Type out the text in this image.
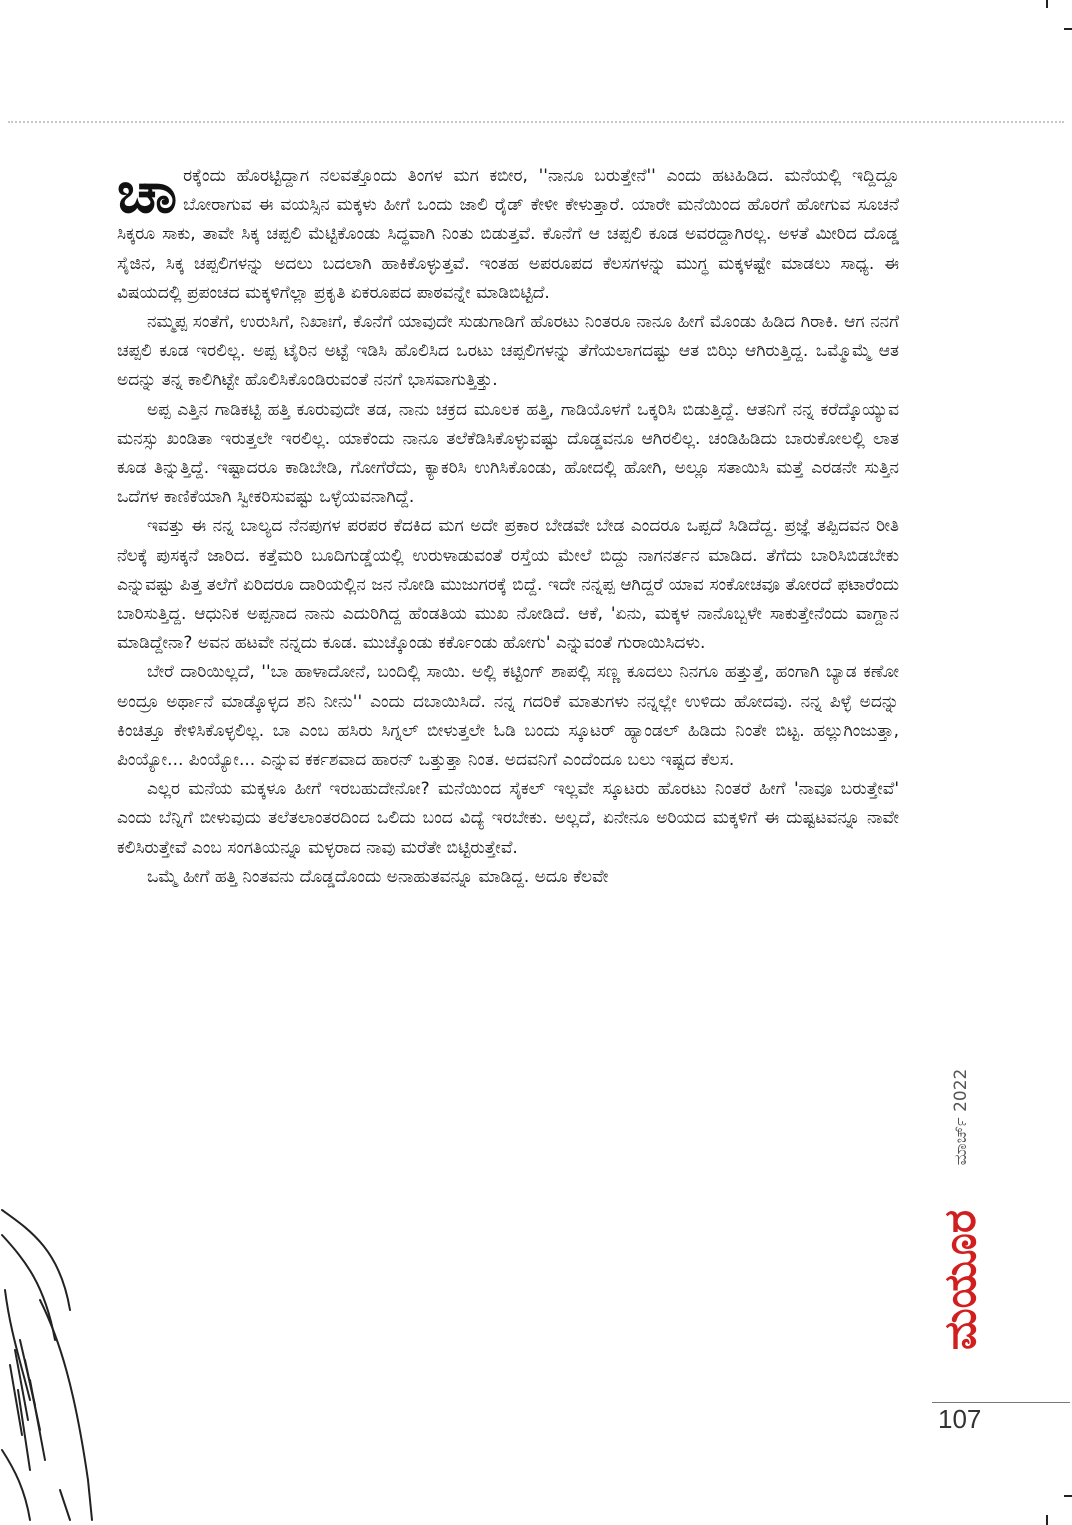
ಚಾರಕ್ಕೆಂದು ಹೊರಟ್ಟಿದ್ದಾಗ ನಲವತ್ತೊಂದು ತಿಂಗಳ ಮಗ ಕಬೀರ, ''ನಾನೂ ಬರುತ್ತೇನೆ'' ಎಂದು ಹಟಹಿಡಿದ. ಮನೆಯಲ್ಲಿ ಇದ್ದಿದ್ದೂ ಬೋರಾಗುವ ಈ ವಯಸ್ಸಿನ ಮಕ್ಕಳು ಹೀಗೆ ಒಂದು ಜಾಲಿ ರೈಡ್ ಕೇಳೀ ಕೇಳುತ್ತಾರೆ. ಯಾರೇ ಮನೆಯಿಂದ ಹೊರಗೆ ಹೋಗುವ ಸೂಚನೆ ಸಿಕ್ಕರೂ ಸಾಕು, ತಾವೇ ಸಿಕ್ಕ ಚಪ್ಪಲಿ ಮೆಟ್ಟಿಕೊಂಡು ಸಿದ್ಧವಾಗಿ ನಿಂತು ಬಿಡುತ್ತವೆ. ಕೊನೆಗೆ ಆ ಚಪ್ಪಲಿ ಕೂಡ ಅವರದ್ದಾಗಿರಲ್ಲ. ಅಳತೆ ಮೀರಿದ ದೊಡ್ಡ ಸೈಜಿನ, ಸಿಕ್ಕ ಚಪ್ಪಲಿಗಳನ್ನು ಅದಲು ಬದಲಾಗಿ ಹಾಕಿಕೊಳ್ಳುತ್ತವೆ. ಇಂತಹ ಅಪರೂಪದ ಕೆಲಸಗಳನ್ನು ಮುಗ್ಧ ಮಕ್ಕಳಷ್ಟೇ ಮಾಡಲು ಸಾಧ್ಯ. ಈ ವಿಷಯದಲ್ಲಿ ಪ್ರಪಂಚದ ಮಕ್ಕಳಿಗೆಲ್ಲಾ ಪ್ರಕೃತಿ ಏಕರೂಪದ ಪಾಠವನ್ನೇ ಮಾಡಿಬಿಟ್ಟಿದೆ.

ನಮ್ಮಪ್ಪ ಸಂತೆಗೆ, ಉರುಸಿಗೆ, ನಿಖಾಃಗೆ, ಕೊನೆಗೆ ಯಾವುದೇ ಸುಡುಗಾಡಿಗೆ ಹೊರಟು ನಿಂತರೂ ನಾನೂ ಹೀಗೆ ಮೊಂಡು ಹಿಡಿದ ಗಿರಾಕಿ. ಆಗ ನನಗೆ ಚಪ್ಪಲಿ ಕೂಡ ಇರಲಿಲ್ಲ. ಅಪ್ಪ ಟೈರಿನ ಅಟ್ಟೆ ಇಡಿಸಿ ಹೊಲಿಸಿದ ಒರಟು ಚಪ್ಪಲಿಗಳನ್ನು ತೆಗೆಯಲಾಗದಷ್ಟು ಆತ ಬಿಝಿ ಆಗಿರುತ್ತಿದ್ದ. ಒಮ್ಮೊಮ್ಮೆ ಆತ ಅದನ್ನು ತನ್ನ ಕಾಲಿಗಿಟ್ಟೇ ಹೊಲಿಸಿಕೊಂಡಿರುವಂತೆ ನನಗೆ ಭಾಸವಾಗುತ್ತಿತ್ತು.

ಅಪ್ಪ ಎತ್ತಿನ ಗಾಡಿಕಟ್ಟಿ ಹತ್ತಿ ಕೂರುವುದೇ ತಡ, ನಾನು ಚಕ್ರದ ಮೂಲಕ ಹತ್ತಿ, ಗಾಡಿಯೊಳಗೆ ಒಕ್ಕರಿಸಿ ಬಿಡುತ್ತಿದ್ದೆ. ಆತನಿಗೆ ನನ್ನ ಕರೆದ್ಕೊಯ್ಯುವ ಮನಸ್ಸು ಖಂಡಿತಾ ಇರುತ್ತಲೇ ಇರಲಿಲ್ಲ. ಯಾಕೆಂದು ನಾನೂ ತಲೆಕೆಡಿಸಿಕೊಳ್ಳುವಷ್ಟು ದೊಡ್ಡವನೂ ಆಗಿರಲಿಲ್ಲ. ಚಂಡಿಹಿಡಿದು ಬಾರುಕೋಲಲ್ಲಿ ಲಾತ ಕೂಡ ತಿನ್ನುತ್ತಿದ್ದೆ. ಇಷ್ಟಾದರೂ ಕಾಡಿಬೇಡಿ, ಗೋಗೆರೆದು, ಕ್ಯಾಕರಿಸಿ ಉಗಿಸಿಕೊಂಡು, ಹೋದಲ್ಲಿ ಹೋಗಿ, ಅಲ್ಲೂ ಸತಾಯಿಸಿ ಮತ್ತೆ ಎರಡನೇ ಸುತ್ತಿನ ಒದೆಗಳ ಕಾಣಿಕೆಯಾಗಿ ಸ್ವೀಕರಿಸುವಷ್ಟು ಒಳ್ಳೆಯವನಾಗಿದ್ದೆ.

ಇವತ್ತು ಈ ನನ್ನ ಬಾಲ್ಯದ ನೆನಪುಗಳ ಪರಪರ ಕೆದಕಿದ ಮಗ ಅದೇ ಪ್ರಕಾರ ಬೇಡವೇ ಬೇಡ ಎಂದರೂ ಒಪ್ಪದೆ ಸಿಡಿದೆದ್ದ. ಪ್ರಜ್ಞೆ ತಪ್ಪಿದವನ ರೀತಿ ನೆಲಕ್ಕೆ ಪುಸಕ್ಕನೆ ಜಾರಿದ. ಕತ್ತೆಮರಿ ಬೂದಿಗುಡ್ಡೆಯಲ್ಲಿ ಉರುಳಾಡುವಂತೆ ರಸ್ತೆಯ ಮೇಲೆ ಬಿದ್ದು ನಾಗನರ್ತನ ಮಾಡಿದ. ತೆಗೆದು ಬಾರಿಸಿಬಿಡಬೇಕು ಎನ್ನುವಷ್ಟು ಪಿತ್ತ ತಲೆಗೆ ಏರಿದರೂ ದಾರಿಯಲ್ಲಿನ ಜನ ನೋಡಿ ಮುಜುಗರಕ್ಕೆ ಬಿದ್ದೆ. ಇದೇ ನನ್ನಪ್ಪ ಆಗಿದ್ದರೆ ಯಾವ ಸಂಕೋಚವೂ ತೋರದೆ ಫಟಾರೆಂದು ಬಾರಿಸುತ್ತಿದ್ದ. ಆಧುನಿಕ ಅಪ್ಪನಾದ ನಾನು ಎದುರಿಗಿದ್ದ ಹೆಂಡತಿಯ ಮುಖ ನೋಡಿದೆ. ಆಕೆ, 'ಏನು, ಮಕ್ಕಳ ನಾನೊಬ್ಬಳೇ ಸಾಕುತ್ತೇನೆಂದು ವಾಗ್ದಾನ ಮಾಡಿದ್ದೇನಾ? ಅವನ ಹಟವೇ ನನ್ನದು ಕೂಡ. ಮುಚ್ಕೊಂಡು ಕರ್ಕೊಂಡು ಹೋಗು' ಎನ್ನುವಂತೆ ಗುರಾಯಿಸಿದಳು.

ಬೇರೆ ದಾರಿಯಿಲ್ಲದೆ, ''ಬಾ ಹಾಳಾದೋನೆ, ಬಂದಿಲ್ಲಿ ಸಾಯಿ. ಅಲ್ಲಿ ಕಟ್ಟಿಂಗ್ ಶಾಪಲ್ಲಿ ಸಣ್ಣ ಕೂದಲು ನಿನಗೂ ಹತ್ತುತ್ತೆ, ಹಂಗಾಗಿ ಬ್ಯಾಡ ಕಣೋ ಅಂದ್ರೂ ಅರ್ಥಾನೆ ಮಾಡ್ಕೊಳ್ಳದ ಶನಿ ನೀನು'' ಎಂದು ದಬಾಯಿಸಿದೆ. ನನ್ನ ಗದರಿಕೆ ಮಾತುಗಳು ನನ್ನಲ್ಲೇ ಉಳಿದು ಹೋದವು. ನನ್ನ ಪಿಳ್ಳೆ ಅದನ್ನು ಕಿಂಚಿತ್ತೂ ಕೇಳಿಸಿಕೊಳ್ಳಲಿಲ್ಲ. ಬಾ ಎಂಬ ಹಸಿರು ಸಿಗ್ನಲ್ ಬೀಳುತ್ತಲೇ ಓಡಿ ಬಂದು ಸ್ಕೂಟರ್ ಹ್ಯಾಂಡಲ್ ಹಿಡಿದು ನಿಂತೇ ಬಿಟ್ಟ. ಹಲ್ಲುಗಿಂಜುತ್ತಾ, ಪಿಂಯ್ಯೋ... ಪಿಂಯ್ಯೋ... ಎನ್ನುವ ಕರ್ಕಶವಾದ ಹಾರನ್ ಒತ್ತುತ್ತಾ ನಿಂತ. ಅದವನಿಗೆ ಎಂದೆಂದೂ ಬಲು ಇಷ್ಟದ ಕೆಲಸ.

ಎಲ್ಲರ ಮನೆಯ ಮಕ್ಕಳೂ ಹೀಗೆ ಇರಬಹುದೇನೋ? ಮನೆಯಿಂದ ಸೈಕಲ್ ಇಲ್ಲವೇ ಸ್ಕೂಟರು ಹೊರಟು ನಿಂತರೆ ಹೀಗೆ 'ನಾವೂ ಬರುತ್ತೇವೆ' ಎಂದು ಬೆನ್ನಿಗೆ ಬೀಳುವುದು ತಲೆತಲಾಂತರದಿಂದ ಒಲಿದು ಬಂದ ವಿದ್ಯೆ ಇರಬೇಕು. ಅಲ್ಲದೆ, ಏನೇನೂ ಅರಿಯದ ಮಕ್ಕಳಿಗೆ ಈ ದುಷ್ಟಟವನ್ನೂ ನಾವೇ ಕಲಿಸಿರುತ್ತೇವೆ ಎಂಬ ಸಂಗತಿಯನ್ನೂ ಮಳ್ಳರಾದ ನಾವು ಮರೆತೇ ಬಿಟ್ಟಿರುತ್ತೇವೆ.

ಒಮ್ಮೆ ಹೀಗೆ ಹತ್ತಿ ನಿಂತವನು ದೊಡ್ಡದೊಂದು ಅನಾಹುತವನ್ನೂ ಮಾಡಿದ್ದ. ಅದೂ ಕೆಲವೇ

ಮಾರ್ಚ್ 2022
ಮಯೂರ
107
